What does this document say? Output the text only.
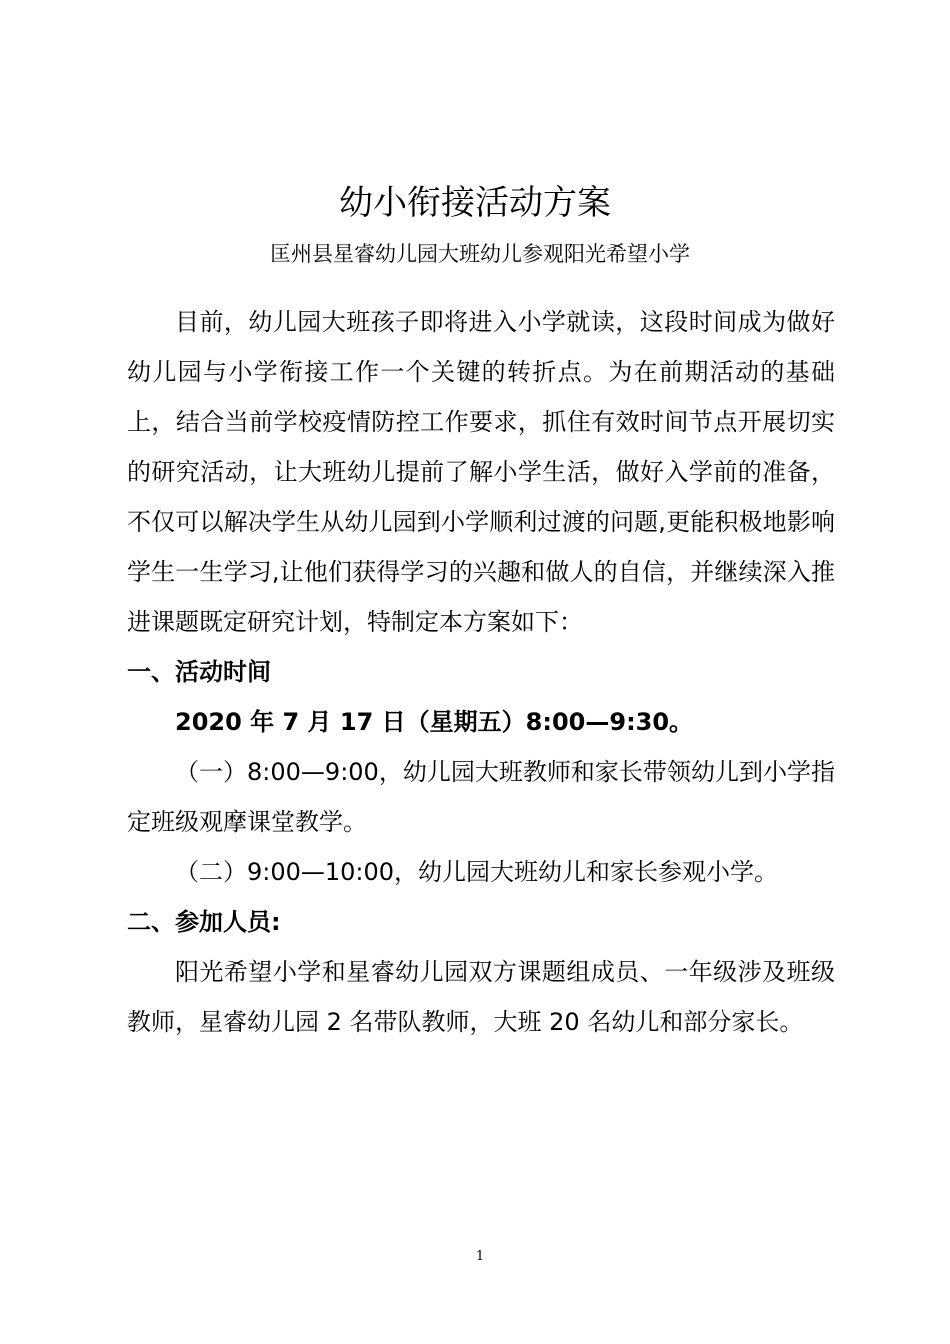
幼小衔接活动方案
匡州县星睿幼儿园大班幼儿参观阳光希望小学

目前，幼儿园大班孩子即将进入小学就读，这段时间成为做好幼儿园与小学衔接工作一个关键的转折点。为在前期活动的基础上，结合当前学校疫情防控工作要求，抓住有效时间节点开展切实的研究活动，让大班幼儿提前了解小学生活，做好入学前的准备，不仅可以解决学生从幼儿园到小学顺利过渡的问题,更能积极地影响学生一生学习,让他们获得学习的兴趣和做人的自信，并继续深入推进课题既定研究计划，特制定本方案如下：

一、活动时间

2020 年 7 月 17 日（星期五）8:00—9:30。

（一）8:00—9:00，幼儿园大班教师和家长带领幼儿到小学指定班级观摩课堂教学。

（二）9:00—10:00，幼儿园大班幼儿和家长参观小学。

二、参加人员:

阳光希望小学和星睿幼儿园双方课题组成员、一年级涉及班级教师，星睿幼儿园 2 名带队教师，大班 20 名幼儿和部分家长。

1
